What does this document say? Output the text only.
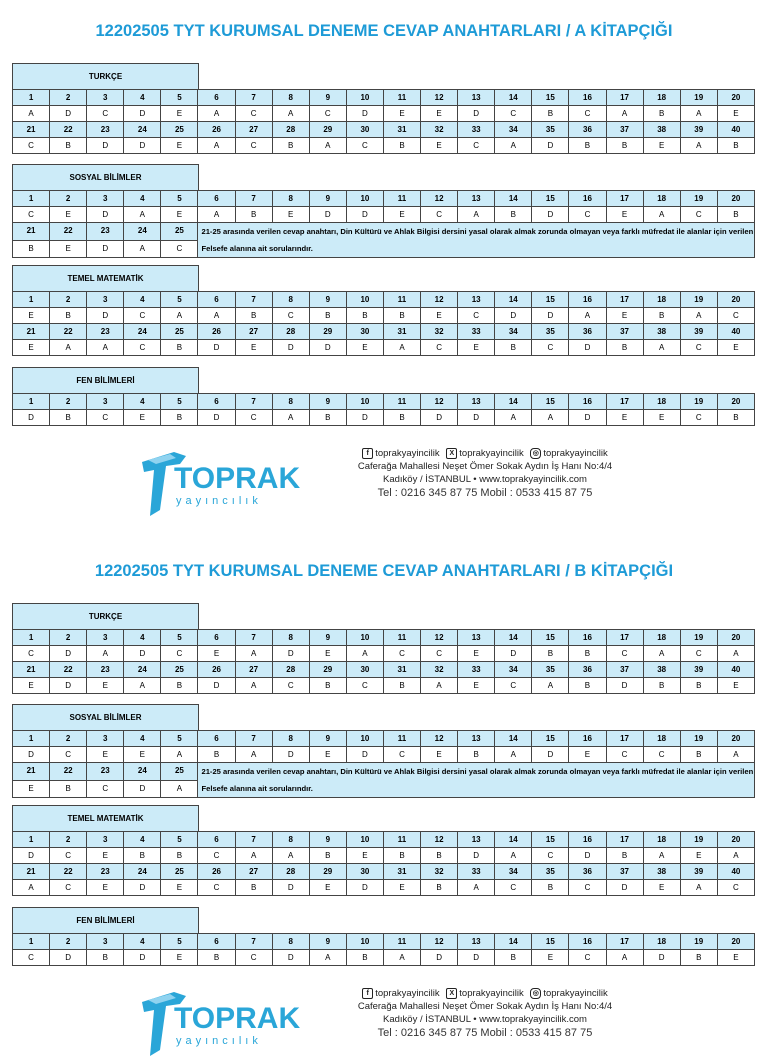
12202505 TYT KURUMSAL DENEME CEVAP ANAHTARLARI / A KİTAPÇIĞI
TURKÇE
1	2	3	4	5	6	7	8	9	10	11	12	13	14	15	16	17	18	19	20
A	D	C	D	E	A	C	A	C	D	E	E	D	C	B	C	A	B	A	E
21	22	23	24	25	26	27	28	29	30	31	32	33	34	35	36	37	38	39	40
C	B	D	D	E	A	C	B	A	C	B	E	C	A	D	B	B	E	A	B
SOSYAL BİLİMLER
1	2	3	4	5	6	7	8	9	10	11	12	13	14	15	16	17	18	19	20
C	E	D	A	E	A	B	E	D	D	E	C	A	B	D	C	E	A	C	B
21	22	23	24	25	21-25 arasında verilen cevap anahtarı, Din Kültürü ve Ahlak Bilgisi dersini yasal olarak almak zorunda olmayan veya farklı müfredat ile alanlar için verilen Felsefe alanına ait sorularındır.														
B	E	D	A	C															
TEMEL MATEMATİK
1	2	3	4	5	6	7	8	9	10	11	12	13	14	15	16	17	18	19	20
E	B	D	C	A	A	B	C	B	B	B	E	C	D	D	A	E	B	A	C
21	22	23	24	25	26	27	28	29	30	31	32	33	34	35	36	37	38	39	40
E	A	A	C	B	D	E	D	D	E	A	C	E	B	C	D	B	A	C	E
FEN BİLİMLERİ
1	2	3	4	5	6	7	8	9	10	11	12	13	14	15	16	17	18	19	20
D	B	C	E	B	D	C	A	B	D	B	D	D	A	A	D	E	E	C	B
TOPRAK
yayıncılık
f toprakyayincilik
	X toprakyayincilik
	◎ toprakyayincilik
Caferağa Mahallesi Neşet Ömer Sokak Aydın İş Hanı No:4/4
Kadıköy / İSTANBUL • www.toprakyayincilik.com
Tel : 0216 345 87 75 Mobil : 0533 415 87 75
12202505 TYT KURUMSAL DENEME CEVAP ANAHTARLARI / B KİTAPÇIĞI
TURKÇE
1	2	3	4	5	6	7	8	9	10	11	12	13	14	15	16	17	18	19	20
C	D	A	D	C	E	A	D	E	A	C	C	E	D	B	B	C	A	C	A
21	22	23	24	25	26	27	28	29	30	31	32	33	34	35	36	37	38	39	40
E	D	E	A	B	D	A	C	B	C	B	A	E	C	A	B	D	B	B	E
SOSYAL BİLİMLER
1	2	3	4	5	6	7	8	9	10	11	12	13	14	15	16	17	18	19	20
D	C	E	E	A	B	A	D	E	D	C	E	B	A	D	E	C	C	B	A
21	22	23	24	25	21-25 arasında verilen cevap anahtarı, Din Kültürü ve Ahlak Bilgisi dersini yasal olarak almak zorunda olmayan veya farklı müfredat ile alanlar için verilen Felsefe alanına ait sorularındır.														
E	B	C	D	A															
TEMEL MATEMATİK
1	2	3	4	5	6	7	8	9	10	11	12	13	14	15	16	17	18	19	20
D	C	E	B	B	C	A	A	B	E	B	B	D	A	C	D	B	A	E	A
21	22	23	24	25	26	27	28	29	30	31	32	33	34	35	36	37	38	39	40
A	C	E	D	E	C	B	D	E	D	E	B	A	C	B	C	D	E	A	C
FEN BİLİMLERİ
1	2	3	4	5	6	7	8	9	10	11	12	13	14	15	16	17	18	19	20
C	D	B	D	E	B	C	D	A	B	A	D	D	B	E	C	A	D	B	E
TOPRAK
yayıncılık
f toprakyayincilik
	X toprakyayincilik
	◎ toprakyayincilik
Caferağa Mahallesi Neşet Ömer Sokak Aydın İş Hanı No:4/4
Kadıköy / İSTANBUL • www.toprakyayincilik.com
Tel : 0216 345 87 75 Mobil : 0533 415 87 75
